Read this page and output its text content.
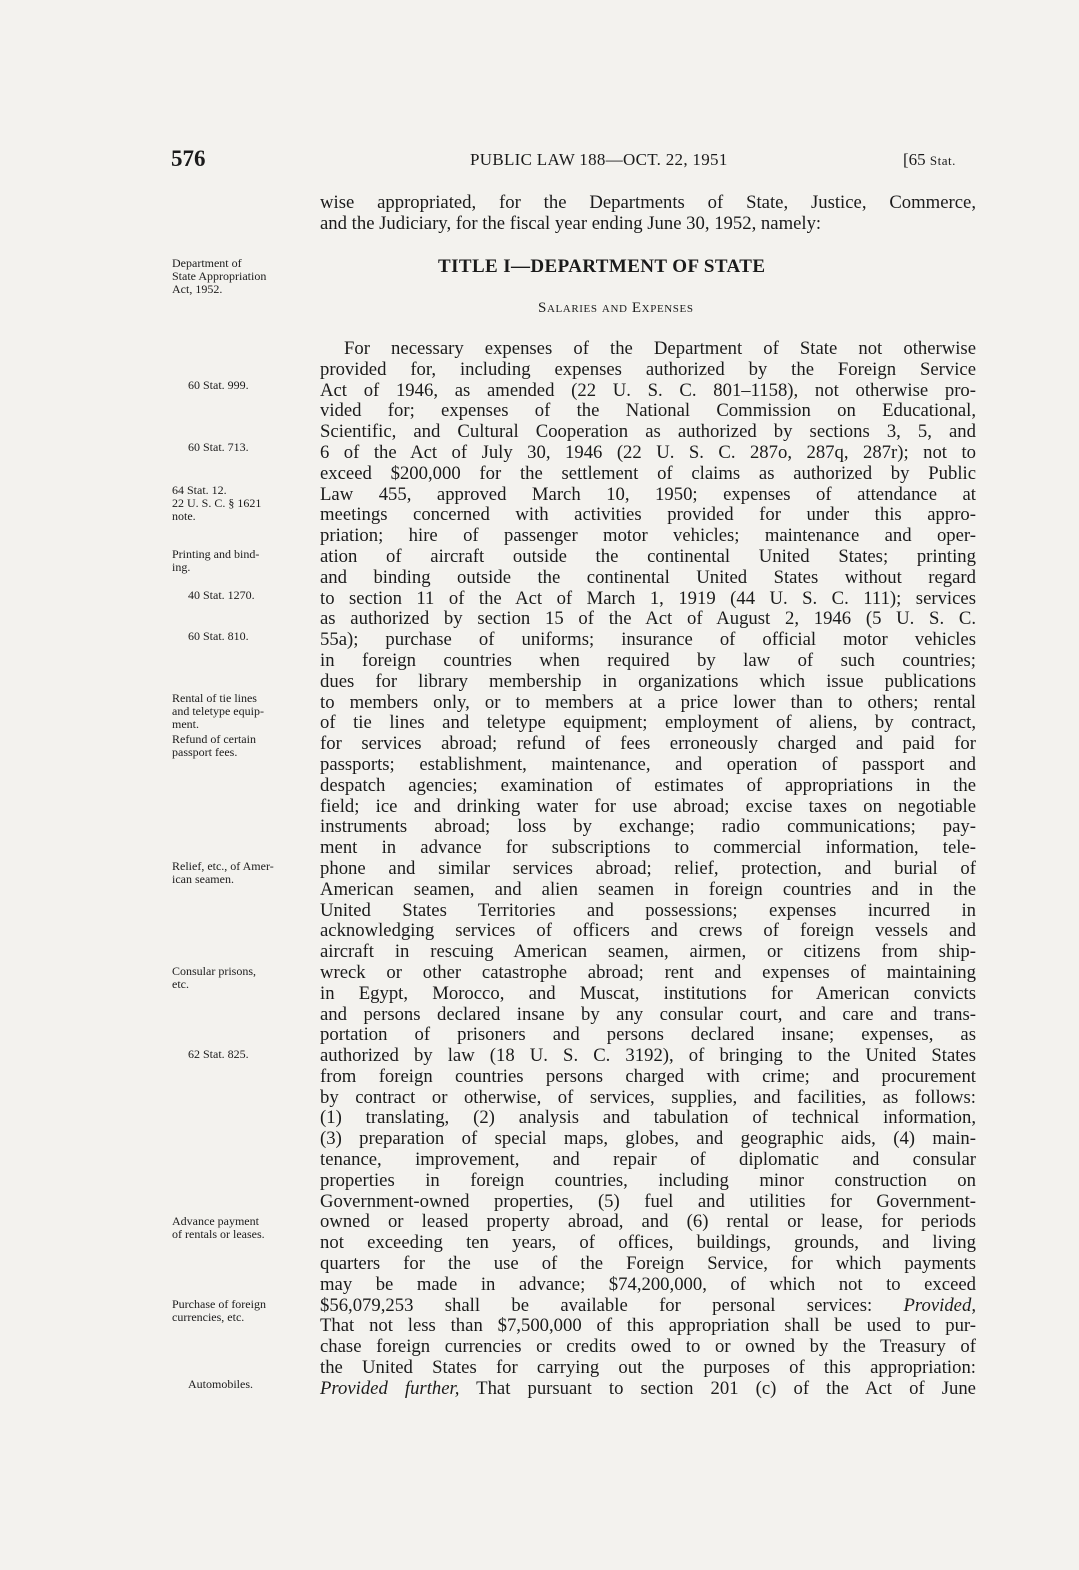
576	PUBLIC LAW 188—OCT. 22, 1951	[65 Stat.
wise appropriated, for the Departments of State, Justice, Commerce,
and the Judiciary, for the fiscal year ending June 30, 1952, namely:
TITLE I—DEPARTMENT OF STATE
Salaries and Expenses
Department of
State Appropriation
Act, 1952.
60 Stat. 999.
60 Stat. 713.
64 Stat. 12.
22 U. S. C. § 1621
note.
Printing and bind-
ing.
40 Stat. 1270.
60 Stat. 810.
Rental of tie lines
and teletype equip-
ment.
Refund of certain
passport fees.
Relief, etc., of Amer-
ican seamen.
Consular prisons,
etc.
62 Stat. 825.
Advance payment
of rentals or leases.
Purchase of foreign
currencies, etc.
Automobiles.
For necessary expenses of the Department of State not otherwise
provided for, including expenses authorized by the Foreign Service
Act of 1946, as amended (22 U. S. C. 801–1158), not otherwise pro-
vided for; expenses of the National Commission on Educational,
Scientific, and Cultural Cooperation as authorized by sections 3, 5, and
6 of the Act of July 30, 1946 (22 U. S. C. 287o, 287q, 287r); not to
exceed $200,000 for the settlement of claims as authorized by Public
Law 455, approved March 10, 1950; expenses of attendance at
meetings concerned with activities provided for under this appro-
priation; hire of passenger motor vehicles; maintenance and oper-
ation of aircraft outside the continental United States; printing
and binding outside the continental United States without regard
to section 11 of the Act of March 1, 1919 (44 U. S. C. 111); services
as authorized by section 15 of the Act of August 2, 1946 (5 U. S. C.
55a); purchase of uniforms; insurance of official motor vehicles
in foreign countries when required by law of such countries;
dues for library membership in organizations which issue publications
to members only, or to members at a price lower than to others; rental
of tie lines and teletype equipment; employment of aliens, by contract,
for services abroad; refund of fees erroneously charged and paid for
passports; establishment, maintenance, and operation of passport and
despatch agencies; examination of estimates of appropriations in the
field; ice and drinking water for use abroad; excise taxes on negotiable
instruments abroad; loss by exchange; radio communications; pay-
ment in advance for subscriptions to commercial information, tele-
phone and similar services abroad; relief, protection, and burial of
American seamen, and alien seamen in foreign countries and in the
United States Territories and possessions; expenses incurred in
acknowledging services of officers and crews of foreign vessels and
aircraft in rescuing American seamen, airmen, or citizens from ship-
wreck or other catastrophe abroad; rent and expenses of maintaining
in Egypt, Morocco, and Muscat, institutions for American convicts
and persons declared insane by any consular court, and care and trans-
portation of prisoners and persons declared insane; expenses, as
authorized by law (18 U. S. C. 3192), of bringing to the United States
from foreign countries persons charged with crime; and procurement
by contract or otherwise, of services, supplies, and facilities, as follows:
(1) translating, (2) analysis and tabulation of technical information,
(3) preparation of special maps, globes, and geographic aids, (4) main-
tenance, improvement, and repair of diplomatic and consular
properties in foreign countries, including minor construction on
Government-owned properties, (5) fuel and utilities for Government-
owned or leased property abroad, and (6) rental or lease, for periods
not exceeding ten years, of offices, buildings, grounds, and living
quarters for the use of the Foreign Service, for which payments
may be made in advance; $74,200,000, of which not to exceed
$56,079,253 shall be available for personal services: Provided,
That not less than $7,500,000 of this appropriation shall be used to pur-
chase foreign currencies or credits owed to or owned by the Treasury of
the United States for carrying out the purposes of this appropriation:
Provided further, That pursuant to section 201 (c) of the Act of June
